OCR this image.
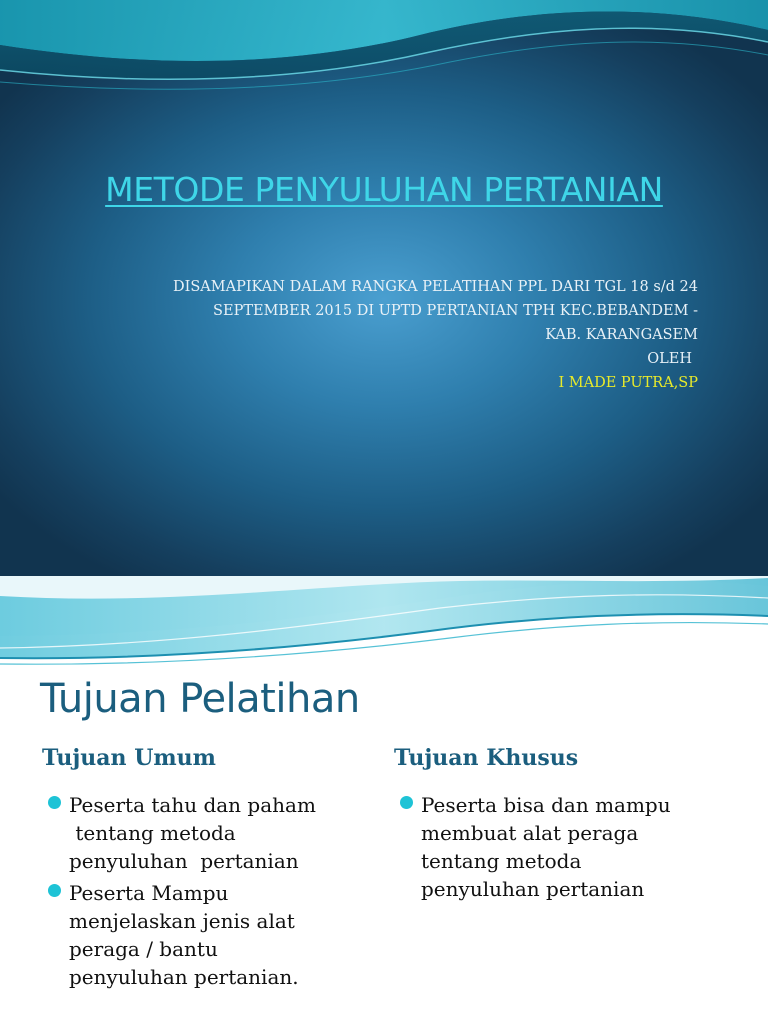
METODE PENYULUHAN PERTANIAN
DISAMAPIKAN DALAM RANGKA PELATIHAN PPL DARI TGL 18 s/d 24
SEPTEMBER 2015 DI UPTD PERTANIAN TPH KEC.BEBANDEM -
KAB. KARANGASEM
OLEH
I MADE PUTRA,SP
Tujuan Pelatihan
Tujuan Umum	Tujuan Khusus
Peserta tahu dan paham
tentang metoda
penyuluhan  pertanian
Peserta Mampu
menjelaskan jenis alat
peraga / bantu
penyuluhan pertanian.
Peserta bisa dan mampu
membuat alat peraga
tentang metoda
penyuluhan pertanian
